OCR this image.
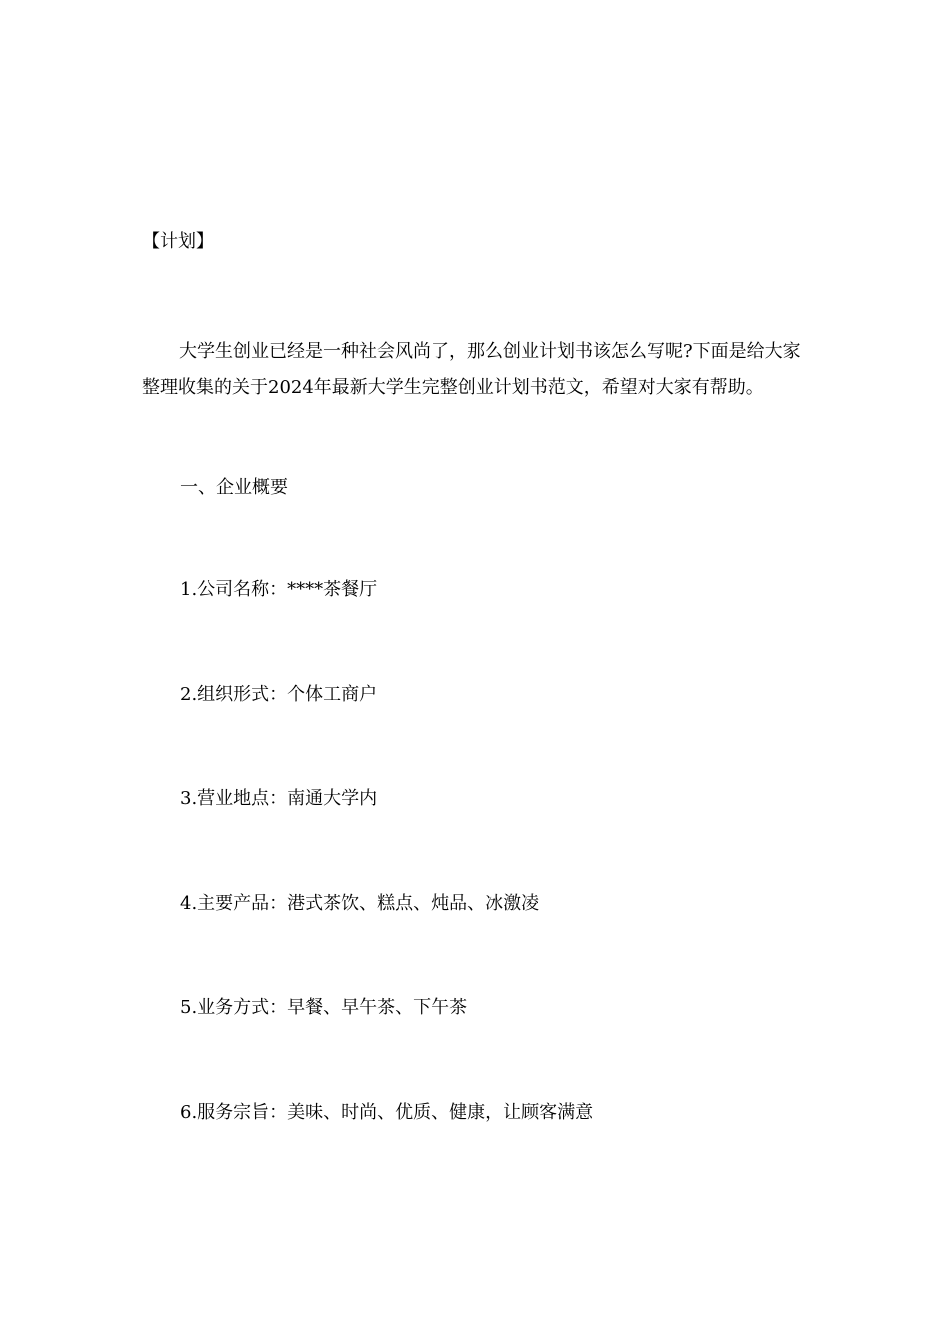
【计划】
大学生创业已经是一种社会风尚了，那么创业计划书该怎么写呢?下面是给大家整理收集的关于2024年最新大学生完整创业计划书范文，希望对大家有帮助。
一、企业概要
1.公司名称：****茶餐厅
2.组织形式：个体工商户
3.营业地点：南通大学内
4.主要产品：港式茶饮、糕点、炖品、冰激凌
5.业务方式：早餐、早午茶、下午茶
6.服务宗旨：美味、时尚、优质、健康，让顾客满意
